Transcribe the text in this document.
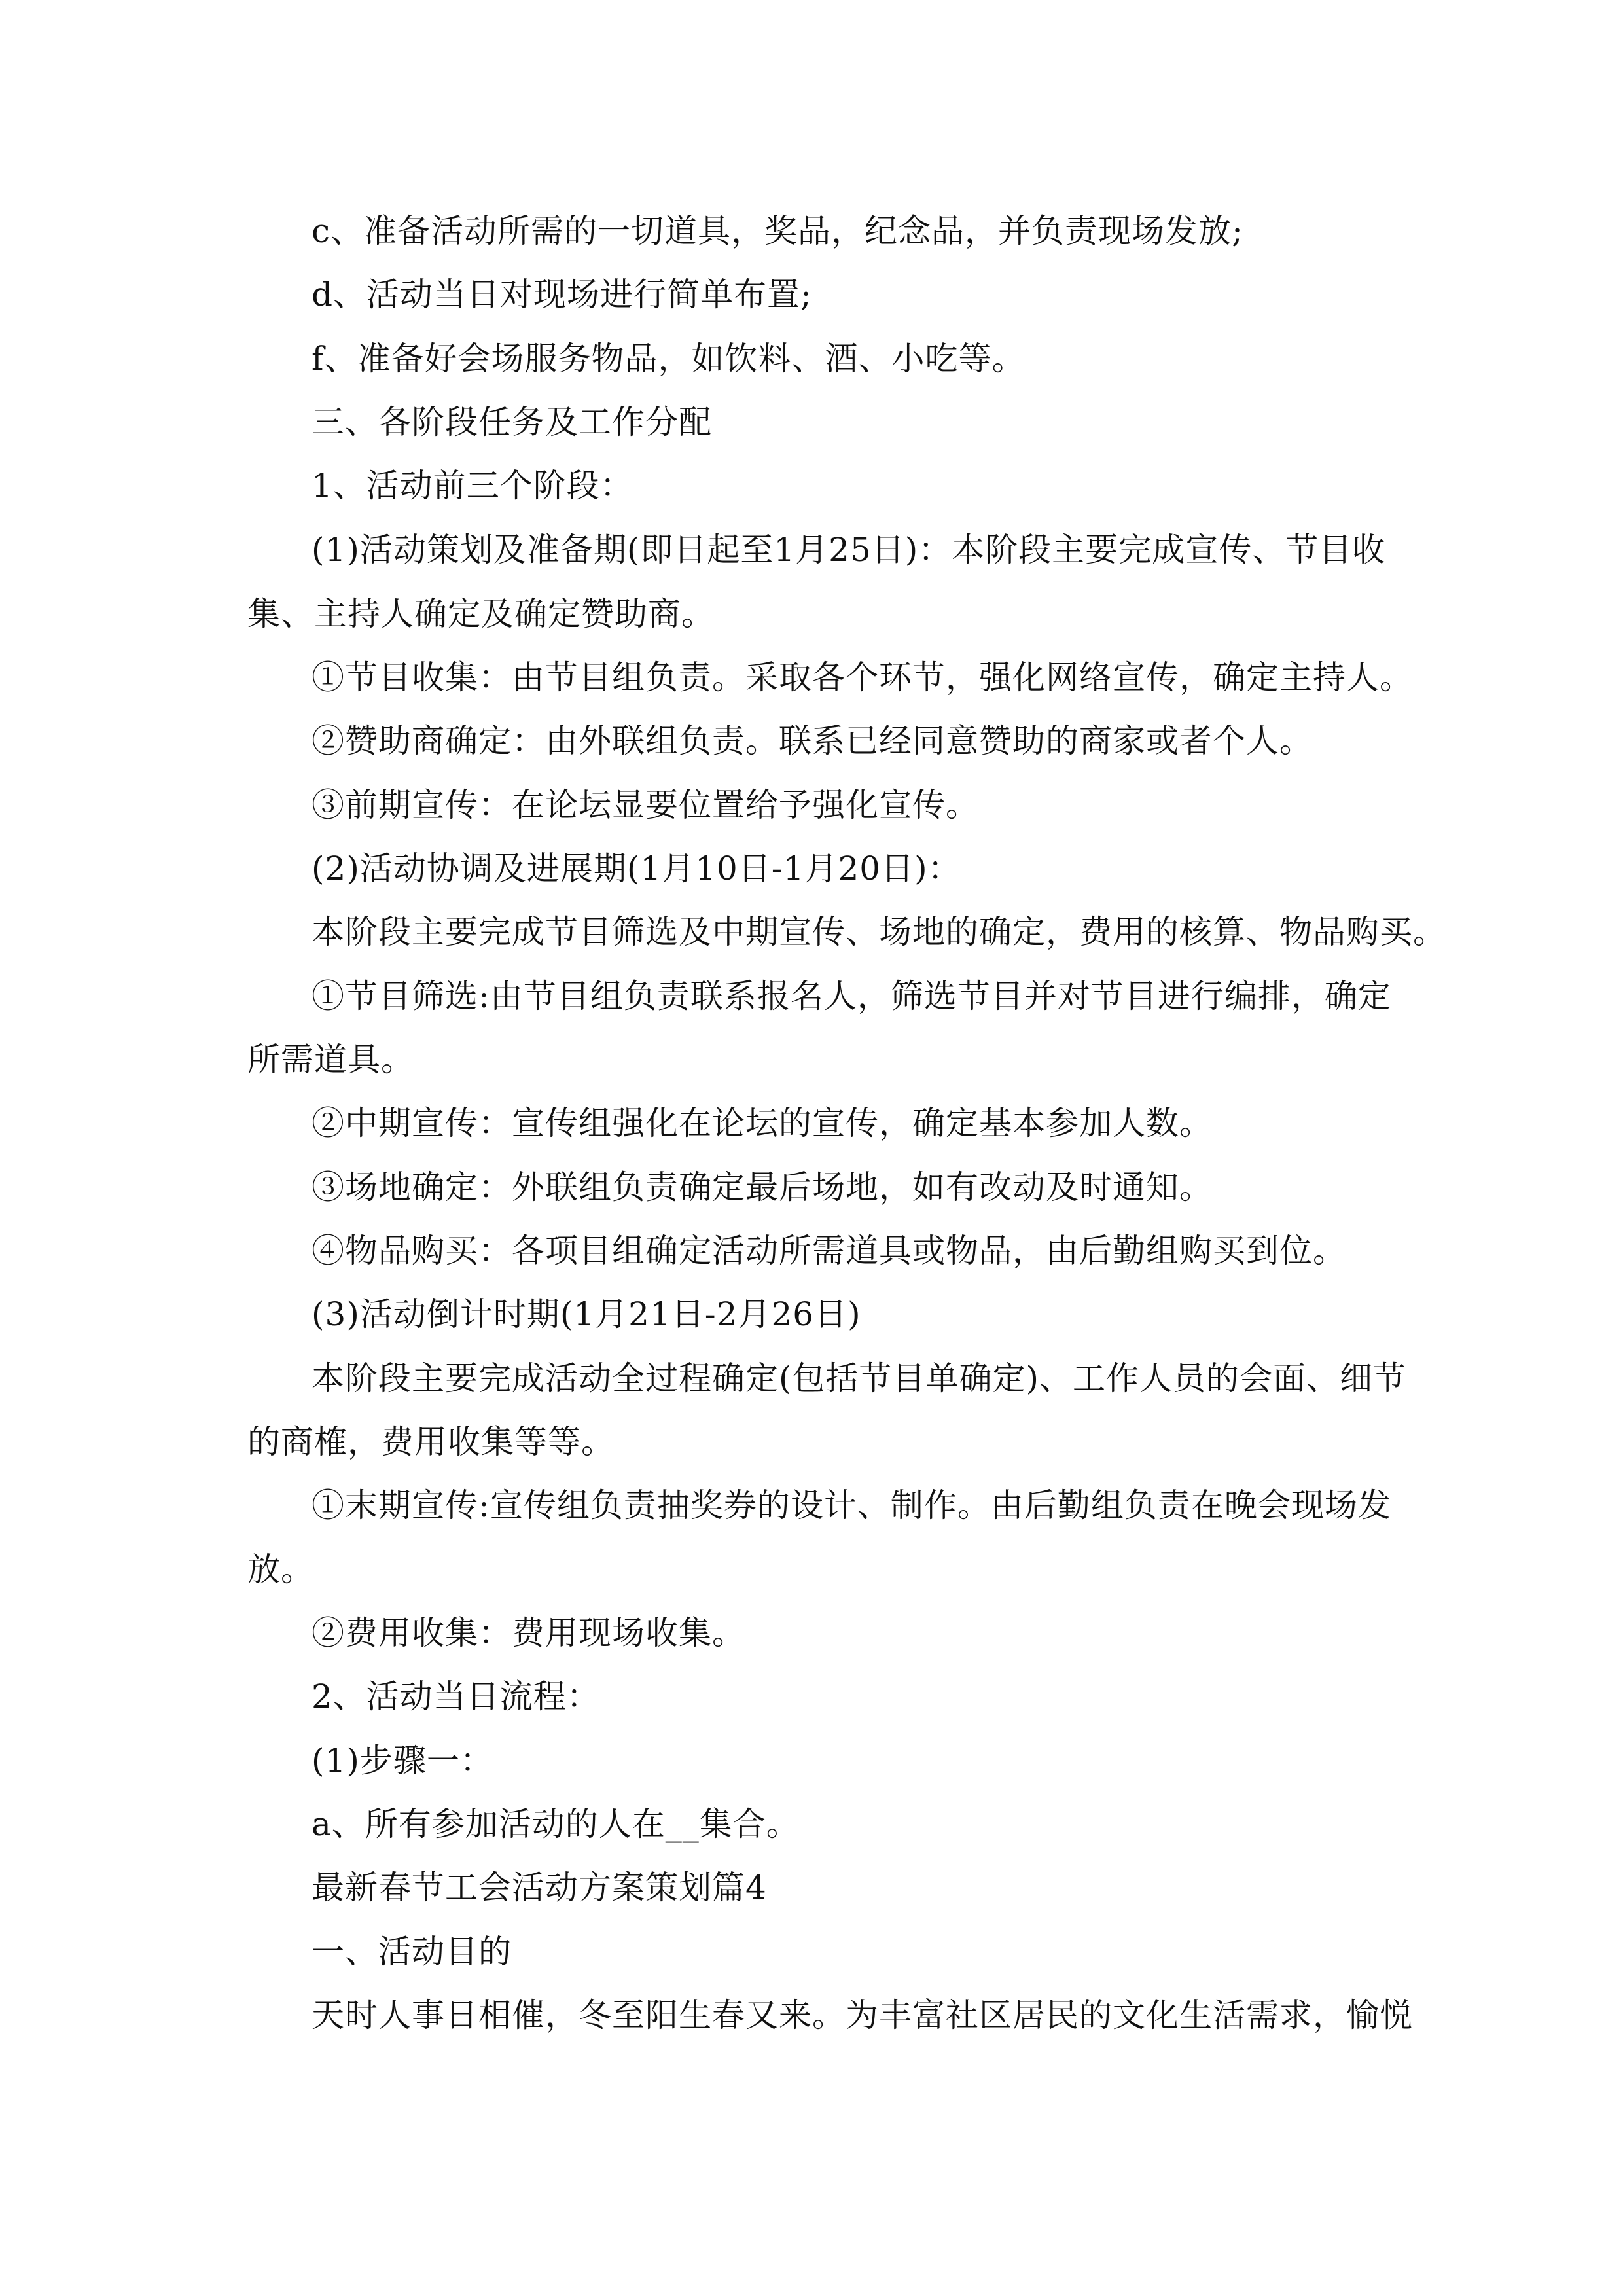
c、准备活动所需的一切道具，奖品，纪念品，并负责现场发放;
d、活动当日对现场进行简单布置;
f、准备好会场服务物品，如饮料、酒、小吃等。
三、各阶段任务及工作分配
1、活动前三个阶段：
(1)活动策划及准备期(即日起至1月25日)：本阶段主要完成宣传、节目收
集、主持人确定及确定赞助商。
①节目收集：由节目组负责。采取各个环节，强化网络宣传，确定主持人。
②赞助商确定：由外联组负责。联系已经同意赞助的商家或者个人。
③前期宣传：在论坛显要位置给予强化宣传。
(2)活动协调及进展期(1月10日-1月20日)：
本阶段主要完成节目筛选及中期宣传、场地的确定，费用的核算、物品购买。
①节目筛选:由节目组负责联系报名人，筛选节目并对节目进行编排，确定
所需道具。
②中期宣传：宣传组强化在论坛的宣传，确定基本参加人数。
③场地确定：外联组负责确定最后场地，如有改动及时通知。
④物品购买：各项目组确定活动所需道具或物品，由后勤组购买到位。
(3)活动倒计时期(1月21日-2月26日)
本阶段主要完成活动全过程确定(包括节目单确定)、工作人员的会面、细节
的商榷，费用收集等等。
①末期宣传:宣传组负责抽奖券的设计、制作。由后勤组负责在晚会现场发
放。
②费用收集：费用现场收集。
2、活动当日流程：
(1)步骤一：
a、所有参加活动的人在__集合。
最新春节工会活动方案策划篇4
一、活动目的
天时人事日相催，冬至阳生春又来。为丰富社区居民的文化生活需求，愉悦
